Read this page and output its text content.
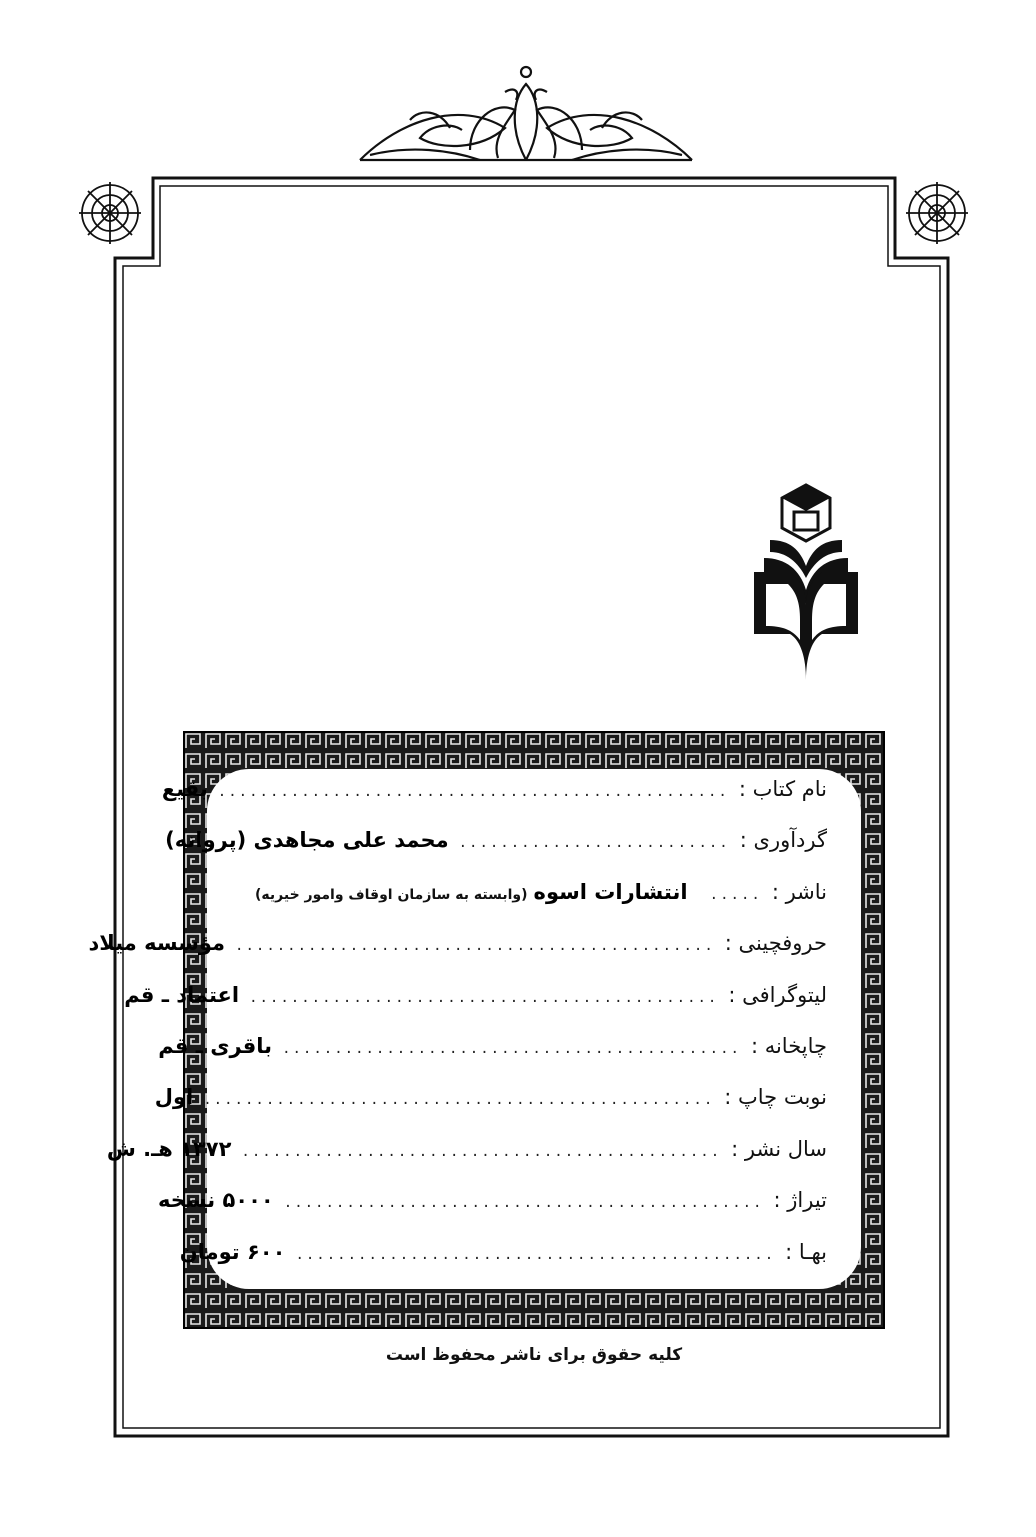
نام کتاب :
.................................................
بقیع
گردآوری :
..........................
محمد علی مجاهدی (پروانه)
ناشر :
.....
انتشارات اسوه
(وابسته به سازمان اوقاف وامور خیریه)
حروفچینی :
..............................................
مؤسسه میلاد
لیتوگرافی :
.............................................
اعتماد ـ قم
چاپخانه :
............................................
باقری ـ قم
نوبت چاپ :
.................................................
اول
سال نشر :
..............................................
۱۳۷۲ هـ. ش
تیراژ :
..............................................
۵۰۰۰ نسخه
بهـا :
..............................................
۶۰۰ تومان
کلیه حقوق برای ناشر محفوظ است
